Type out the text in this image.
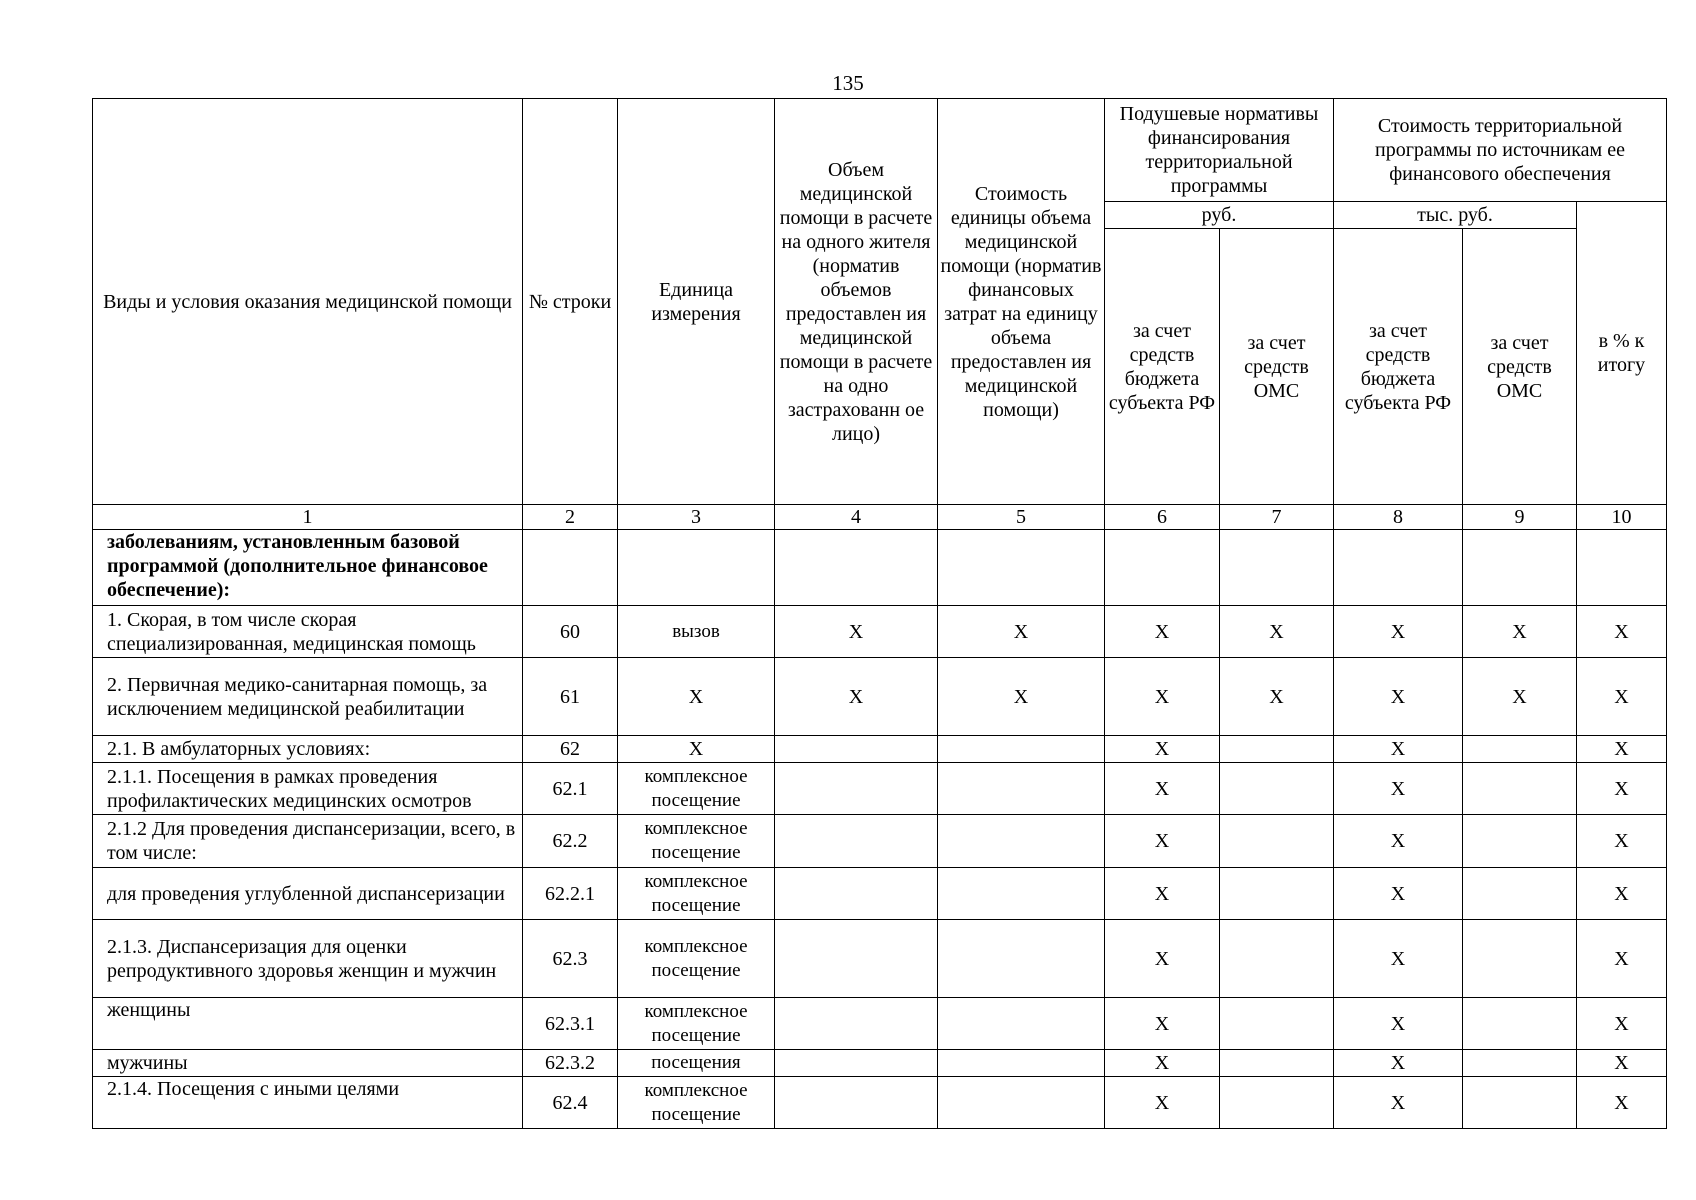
135
Виды и условия оказания медицинской помощи	№ строки	Единица измерения	Объем медицинской помощи в расчете на одного жителя (норматив объемов предоставлен ия медицинской помощи в расчете на одно застрахованн ое лицо)	Стоимость единицы объема медицинской помощи (норматив финансовых затрат на единицу объема предоставлен ия медицинской помощи)	Подушевые нормативы финансирования территориальной программы		Стоимость территориальной программы по источникам ее финансового обеспечения		
					руб.		тыс. руб.		в % к итогу
					за счет средств бюджета субъекта РФ	за счет средств ОМС	за счет средств бюджета субъекта РФ	за счет средств ОМС	
1	2	3	4	5	6	7	8	9	10
заболеваниям, установленным базовой программой (дополнительное финансовое обеспечение):									
1. Скорая, в том числе скорая специализированная, медицинская помощь	60	вызов	Х	Х	Х	Х	Х	Х	Х
2. Первичная медико-санитарная помощь, за исключением медицинской реабилитации	61	Х	Х	Х	Х	Х	Х	Х	Х
2.1. В амбулаторных условиях:	62	Х			Х		Х		Х
2.1.1. Посещения в рамках проведения профилактических медицинских осмотров	62.1	комплексное посещение			Х		Х		Х
2.1.2 Для проведения диспансеризации, всего, в том числе:	62.2	комплексное посещение			Х		Х		Х
для проведения углубленной диспансеризации	62.2.1	комплексное посещение			Х		Х		Х
2.1.3. Диспансеризация для оценки репродуктивного здоровья женщин и мужчин	62.3	комплексное посещение			Х		Х		Х
женщины	62.3.1	комплексное посещение			Х		Х		Х
мужчины	62.3.2	посещения			Х		Х		Х
2.1.4. Посещения с иными целями	62.4	комплексное посещение			Х		Х		Х
